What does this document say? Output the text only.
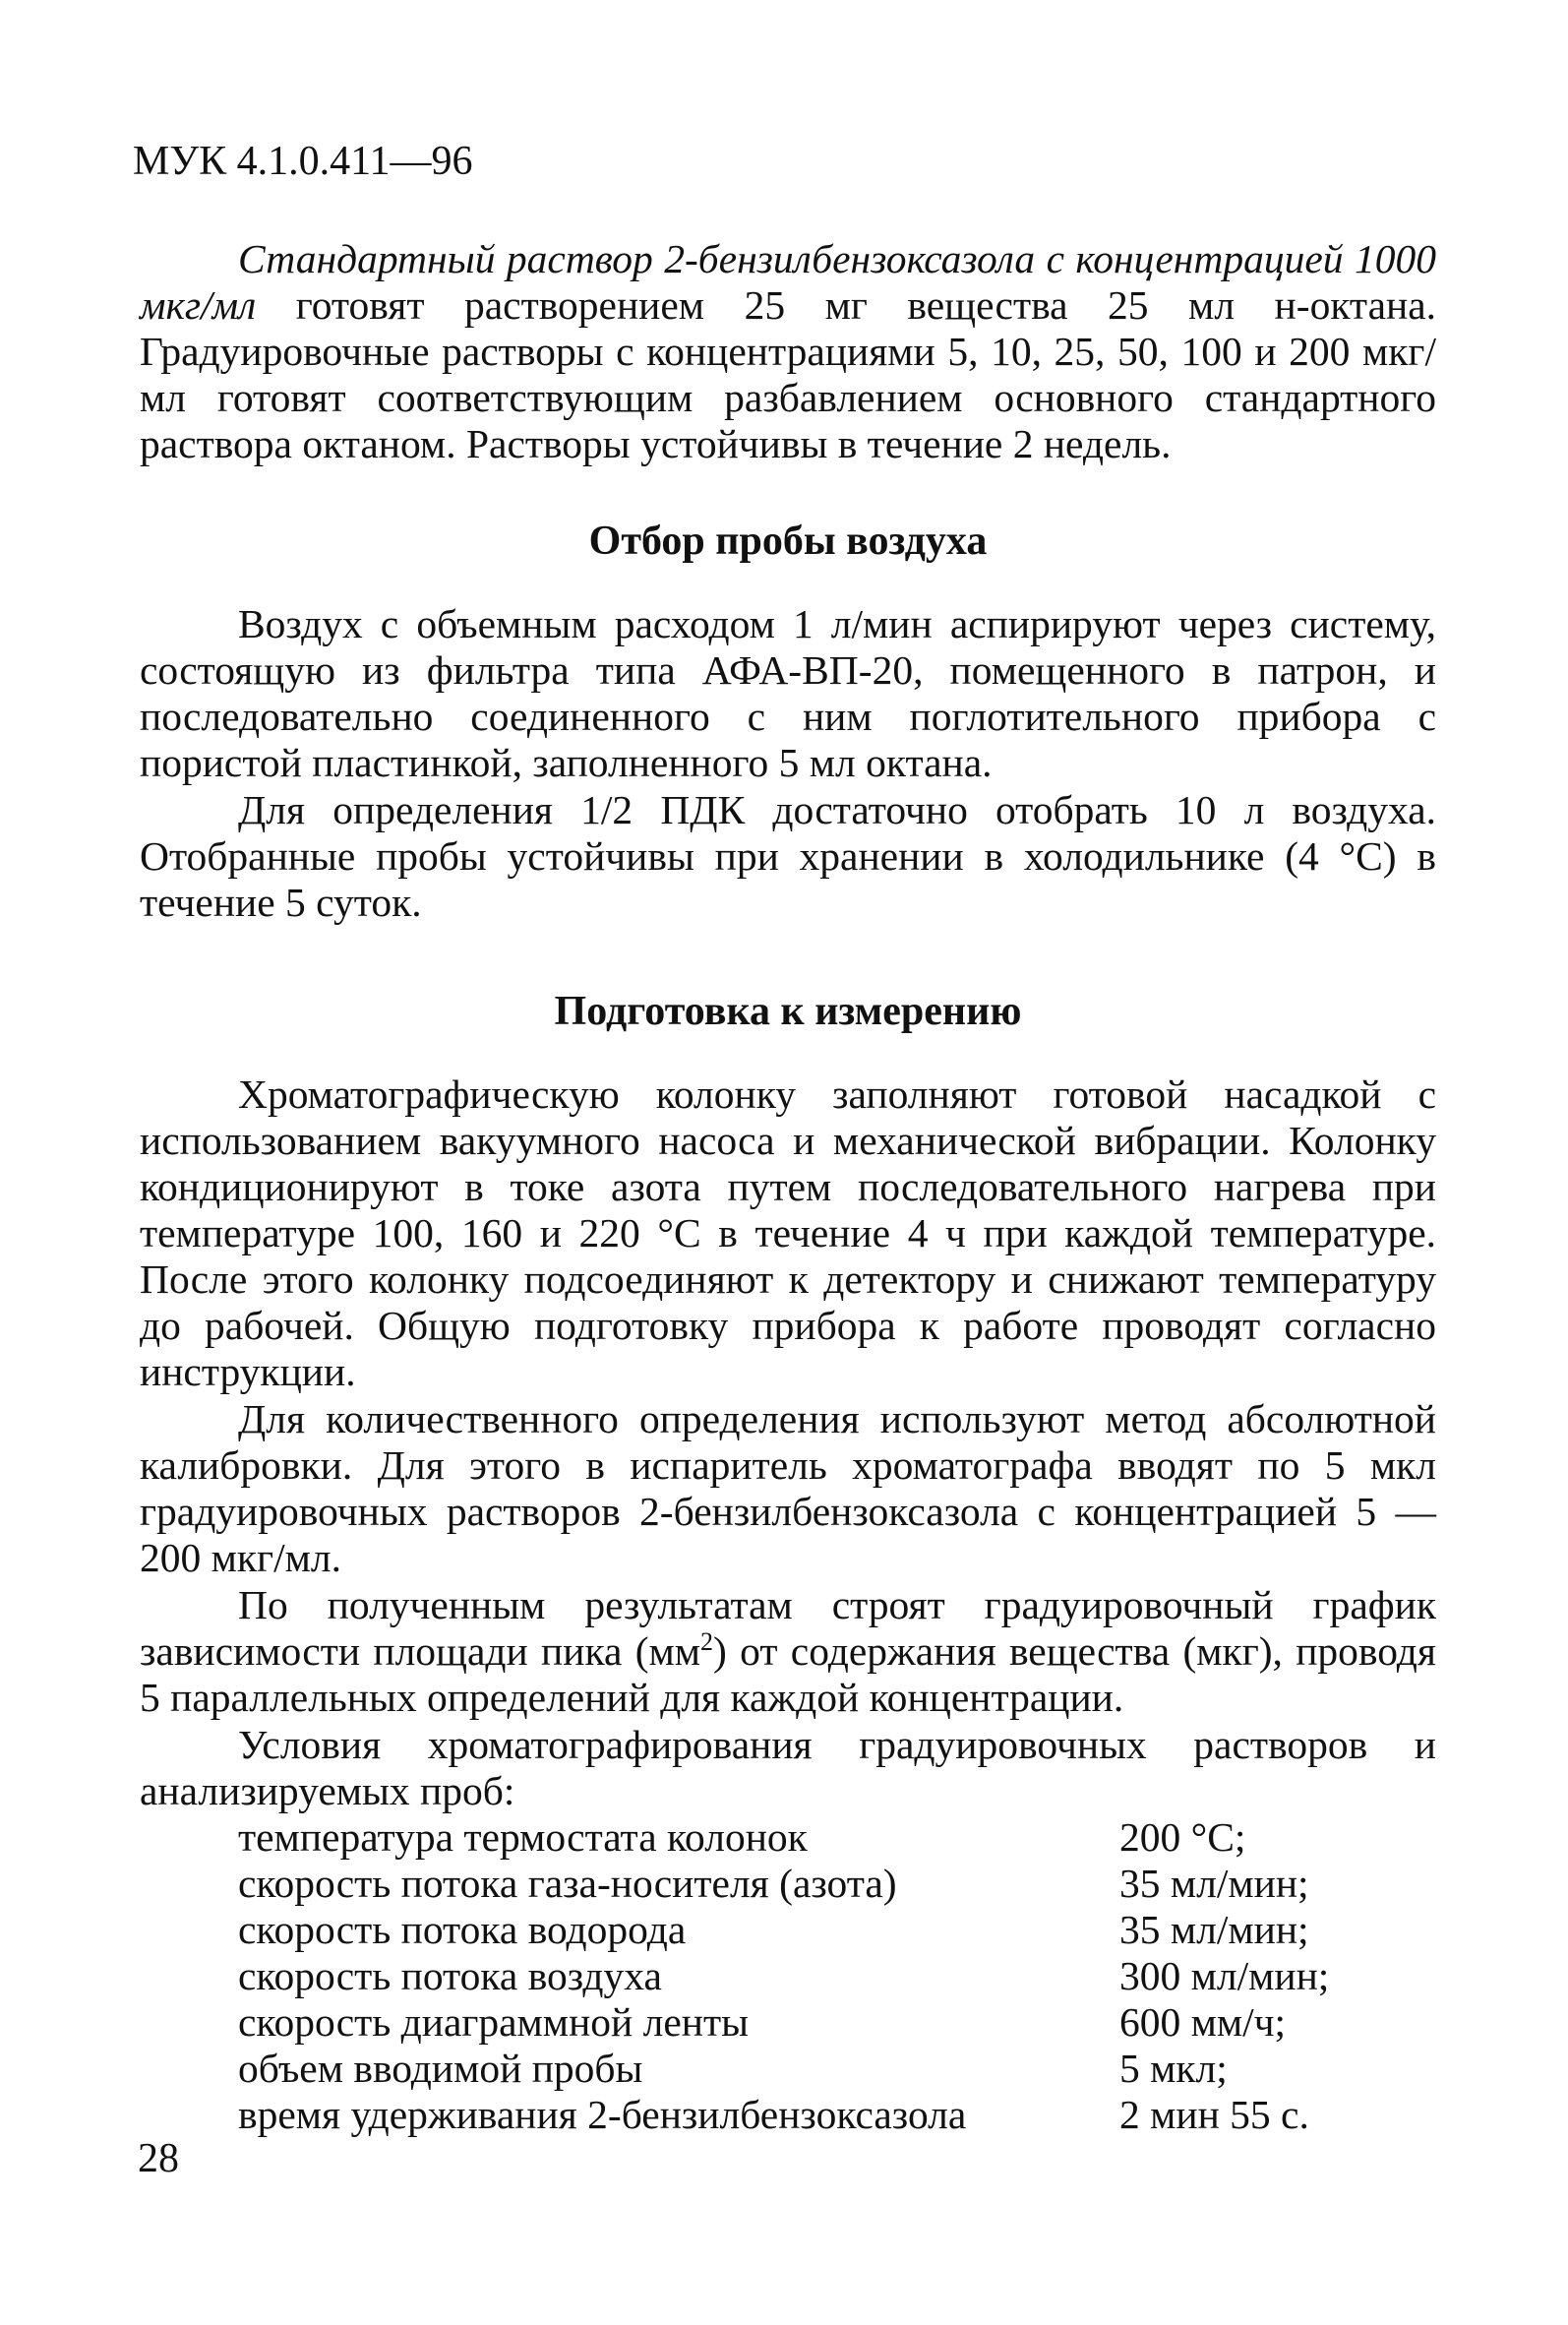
МУК 4.1.0.411—96

Стандартный раствор 2-бензилбензоксазола с концентрацией 1000 мкг/мл готовят растворением 25 мг вещества 25 мл н-октана. Градуировочные растворы с концентрациями 5, 10, 25, 50, 100 и 200 мкг/мл готовят соответствующим разбавлением основного стандартного раствора октаном. Растворы устойчивы в течение 2 недель.

Отбор пробы воздуха

Воздух с объемным расходом 1 л/мин аспирируют через систему, состоящую из фильтра типа АФА-ВП-20, помещенного в патрон, и последовательно соединенного с ним поглотительного прибора с пористой пластинкой, заполненного 5 мл октана.

Для определения 1/2 ПДК достаточно отобрать 10 л воздуха. Отобранные пробы устойчивы при хранении в холодильнике (4 °С) в течение 5 суток.

Подготовка к измерению

Хроматографическую колонку заполняют готовой насадкой с использованием вакуумного насоса и механической вибрации. Колонку кондиционируют в токе азота путем последовательного нагрева при температуре 100, 160 и 220 °С в течение 4 ч при каждой температуре. После этого колонку подсоединяют к детектору и снижают температуру до рабочей. Общую подготовку прибора к работе проводят согласно инструкции.

Для количественного определения используют метод абсолютной калибровки. Для этого в испаритель хроматографа вводят по 5 мкл градуировочных растворов 2-бензилбензоксазола с концентрацией 5 — 200 мкг/мл.

По полученным результатам строят градуировочный график зависимости площади пика $(мм^2)$ от содержания вещества (мкг), проводя 5 параллельных определений для каждой концентрации.

Условия хроматографирования градуировочных растворов и анализируемых проб:

температура термостата колонок	200 °С;
скорость потока газа-носителя (азота)	35 мл/мин;
скорость потока водорода	35 мл/мин;
скорость потока воздуха	300 мл/мин;
скорость диаграммной ленты	600 мм/ч;
объем вводимой пробы	5 мкл;
время удерживания 2-бензилбензоксазола	2 мин 55 с.
28
